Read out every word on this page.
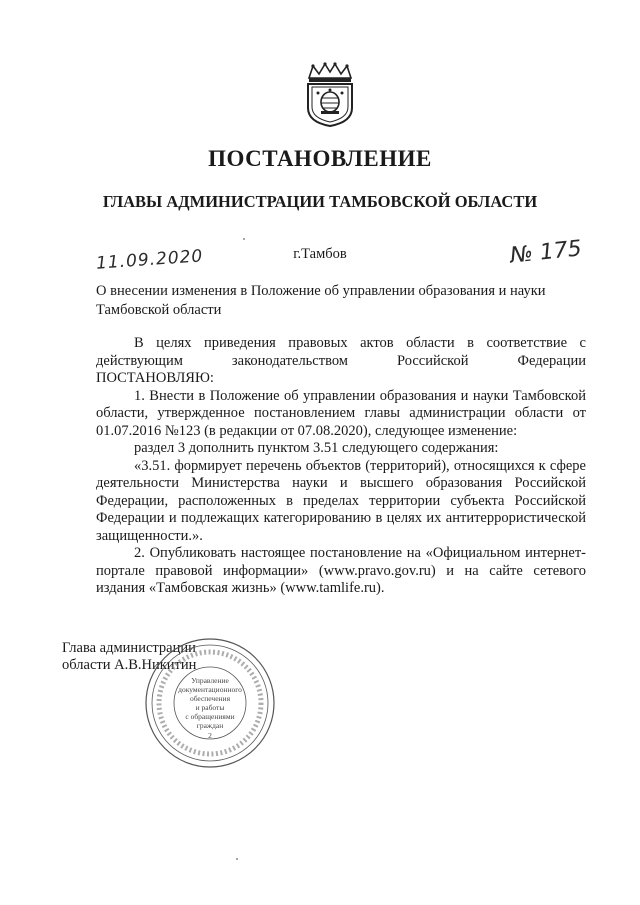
ПОСТАНОВЛЕНИЕ
ГЛАВЫ АДМИНИСТРАЦИИ ТАМБОВСКОЙ ОБЛАСТИ
11.09.2020	г.Тамбов	№ 175
О внесении изменения в Положение об управлении образования и науки
Тамбовской области

В целях приведения правовых актов области в соответствие с

действующим законодательством Российской Федерации

ПОСТАНОВЛЯЮ:

1. Внести в Положение об управлении образования и науки Тамбовской области, утвержденное постановлением главы администрации области от 01.07.2016 №123 (в редакции от 07.08.2020), следующее изменение:

раздел 3 дополнить пунктом 3.51 следующего содержания:

«3.51. формирует перечень объектов (территорий), относящихся к сфере деятельности Министерства науки и высшего образования Российской Федерации, расположенных в пределах территории субъекта Российской Федерации и подлежащих категорированию в целях их антитеррористической защищенности.».

2. Опубликовать настоящее постановление на «Официальном интернет-портале правовой информации» (www.pravo.gov.ru) и на сайте сетевого издания «Тамбовская жизнь» (www.tamlife.ru).

Глава администрации
области А.В.Никитин
Управление
документационного
обеспечения
и работы
с обращениями
граждан
2
